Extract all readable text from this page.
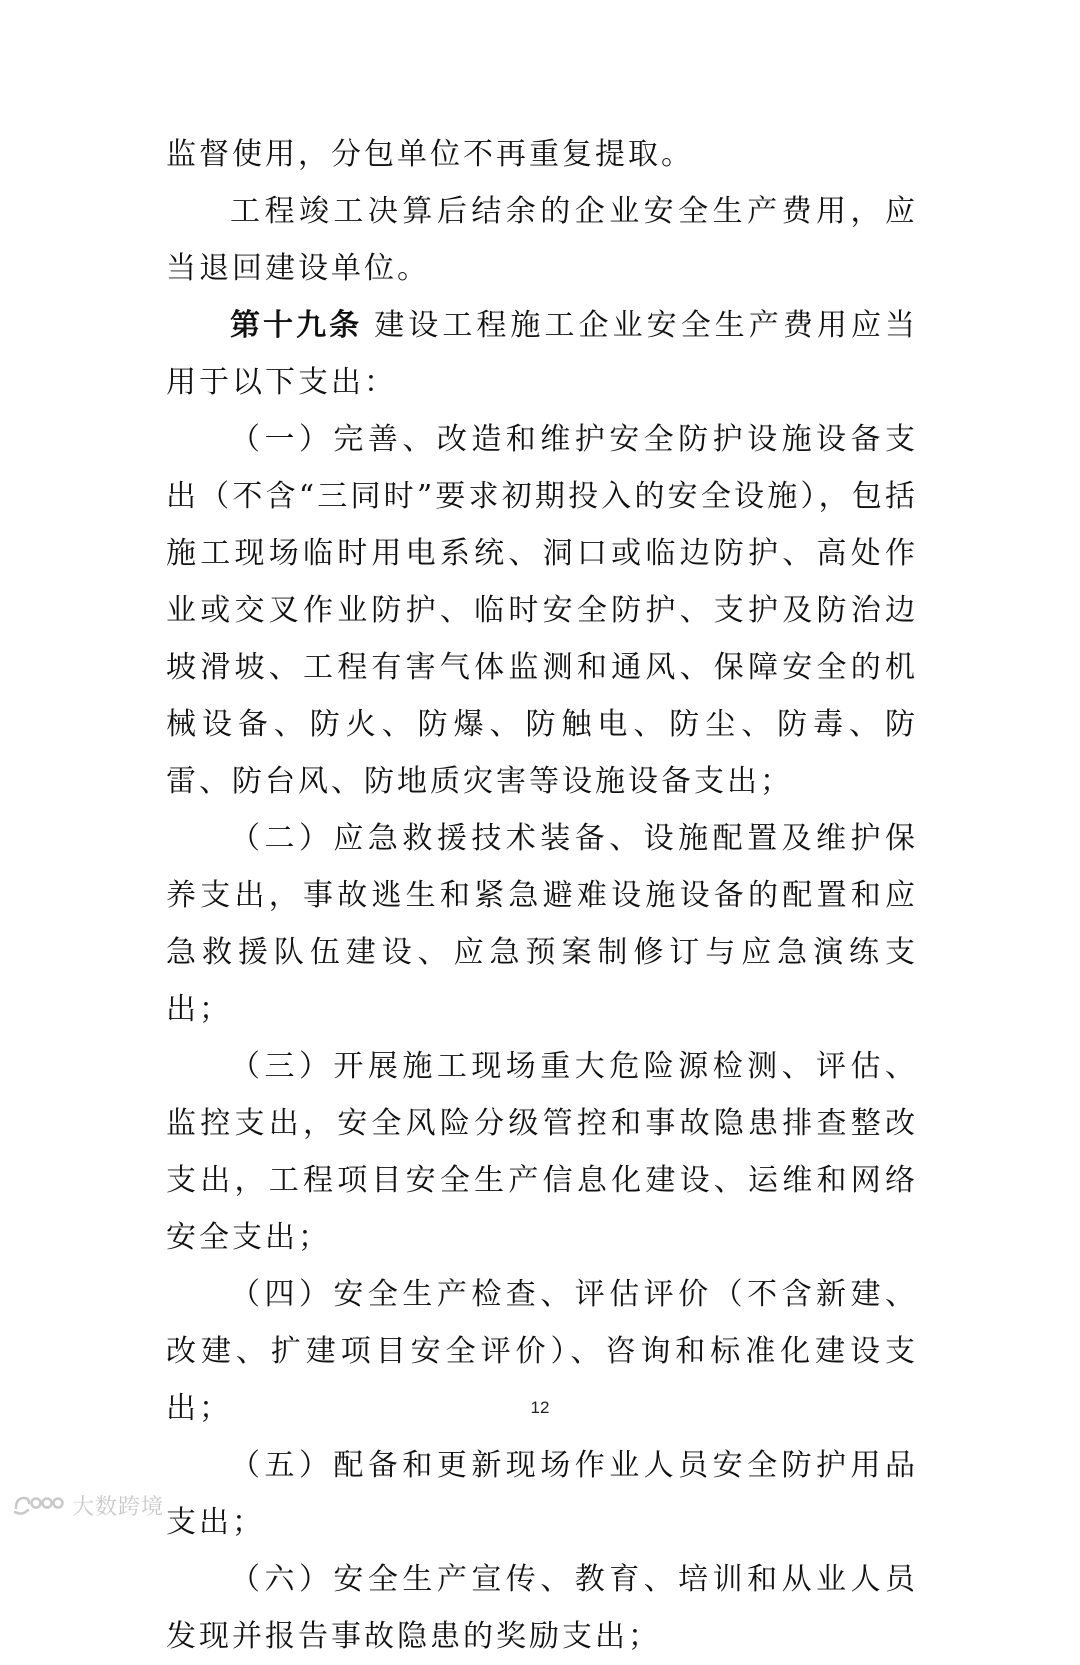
监督使用，分包单位不再重复提取。

工程竣工决算后结余的企业安全生产费用，应当退回建设单位。

第十九条 建设工程施工企业安全生产费用应当用于以下支出：

（一）完善、改造和维护安全防护设施设备支出（不含“三同时”要求初期投入的安全设施），包括施工现场临时用电系统、洞口或临边防护、高处作业或交叉作业防护、临时安全防护、支护及防治边坡滑坡、工程有害气体监测和通风、保障安全的机械设备、防火、防爆、防触电、防尘、防毒、防雷、防台风、防地质灾害等设施设备支出；

（二）应急救援技术装备、设施配置及维护保养支出，事故逃生和紧急避难设施设备的配置和应急救援队伍建设、应急预案制修订与应急演练支出；

（三）开展施工现场重大危险源检测、评估、监控支出，安全风险分级管控和事故隐患排查整改支出，工程项目安全生产信息化建设、运维和网络安全支出；

（四）安全生产检查、评估评价（不含新建、改建、扩建项目安全评价）、咨询和标准化建设支出；

（五）配备和更新现场作业人员安全防护用品支出；

（六）安全生产宣传、教育、培训和从业人员发现并报告事故隐患的奖励支出；

12
大数跨境
